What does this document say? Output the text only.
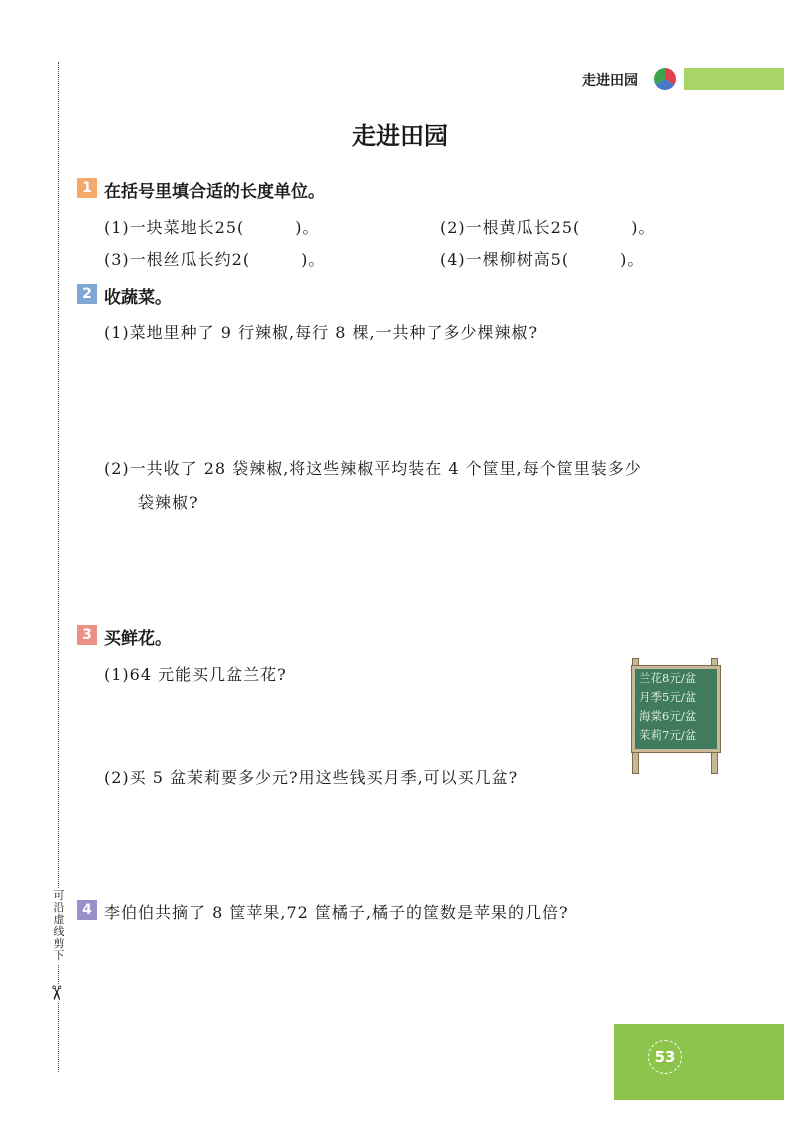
可沿虚线剪下
✂
走进田园
走进田园
1 在括号里填合适的长度单位。
(1)一块菜地长25(　　　)。	(2)一根黄瓜长25(　　　)。
(3)一根丝瓜长约2(　　　)。	(4)一棵柳树高5(　　　)。
2 收蔬菜。
(1)菜地里种了 9 行辣椒,每行 8 棵,一共种了多少棵辣椒?
(2)一共收了 28 袋辣椒,将这些辣椒平均装在 4 个筐里,每个筐里装多少
袋辣椒?
3 买鲜花。
(1)64 元能买几盆兰花?
(2)买 5 盆茉莉要多少元?用这些钱买月季,可以买几盆?
兰花8元/盆
月季5元/盆
海棠6元/盆
茉莉7元/盆
4 李伯伯共摘了 8 筐苹果,72 筐橘子,橘子的筐数是苹果的几倍?
53
